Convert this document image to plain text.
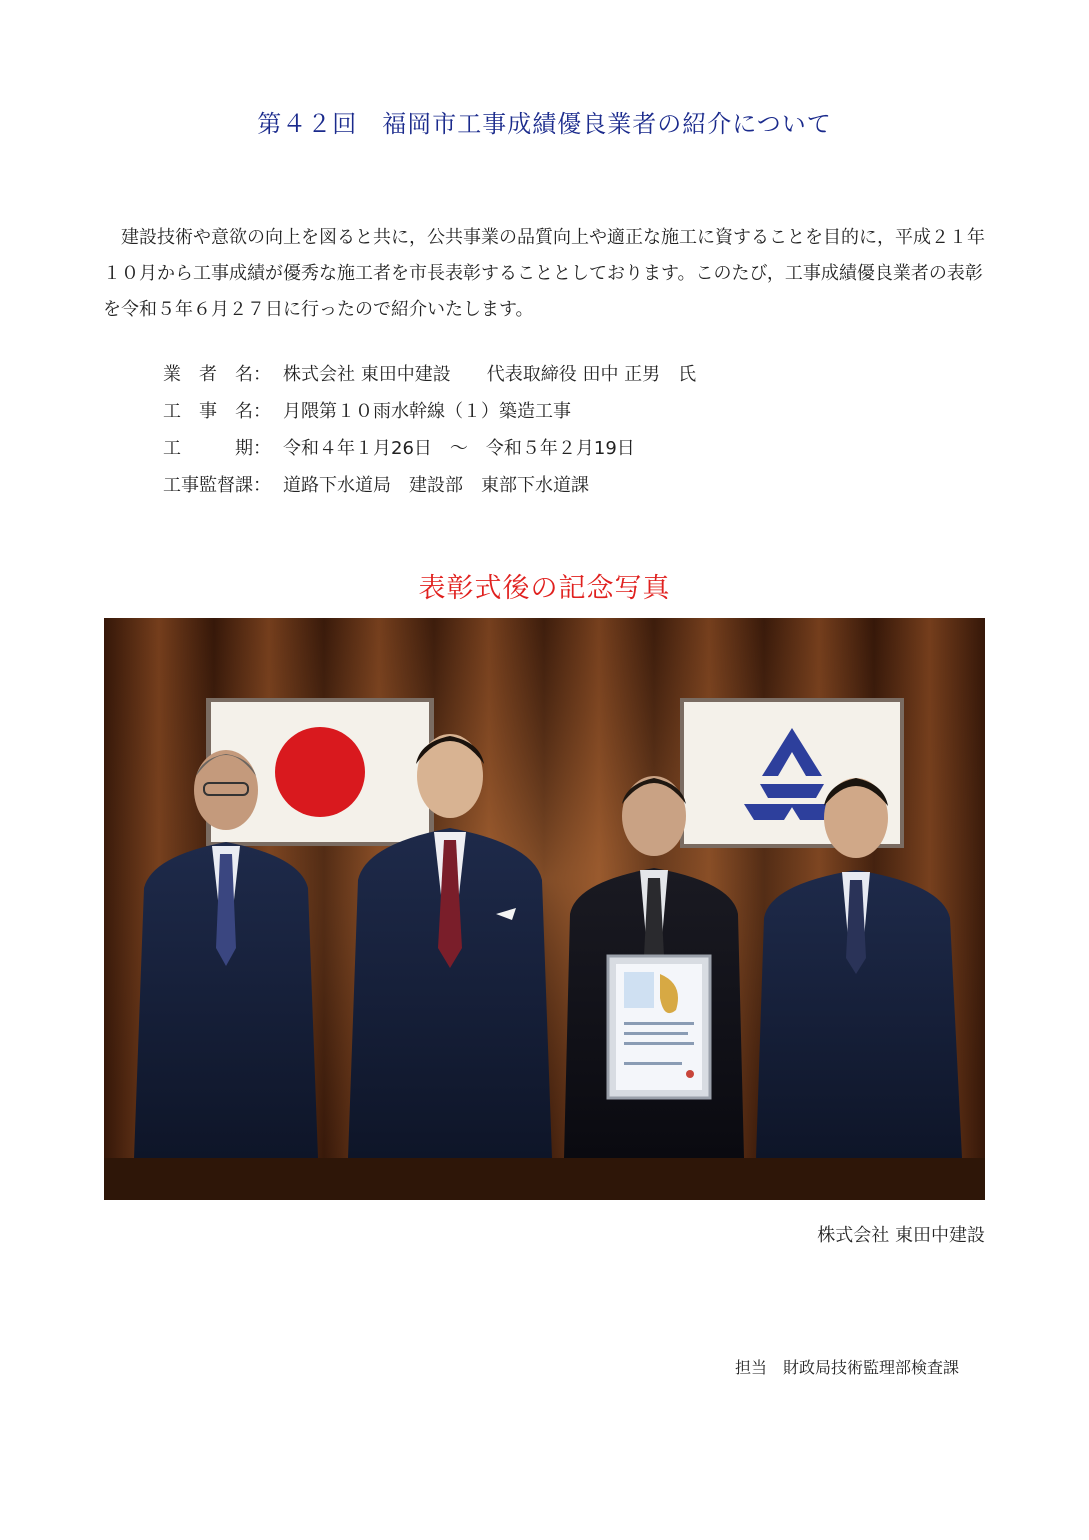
第４２回　福岡市工事成績優良業者の紹介について

建設技術や意欲の向上を図ると共に，公共事業の品質向上や適正な施工に資することを目的に，平成２１年１０月から工事成績が優秀な施工者を市長表彰することとしております。このたび，工事成績優良業者の表彰を令和５年６月２７日に行ったので紹介いたします。

業　者　名： 株式会社 東田中建設　　代表取締役 田中 正男　氏
工　事　名： 月隈第１０雨水幹線（１）築造工事
工　　　期： 令和４年１月26日　～　令和５年２月19日
工事監督課： 道路下水道局　建設部　東部下水道課
表彰式後の記念写真
株式会社 東田中建設
担当　財政局技術監理部検査課
